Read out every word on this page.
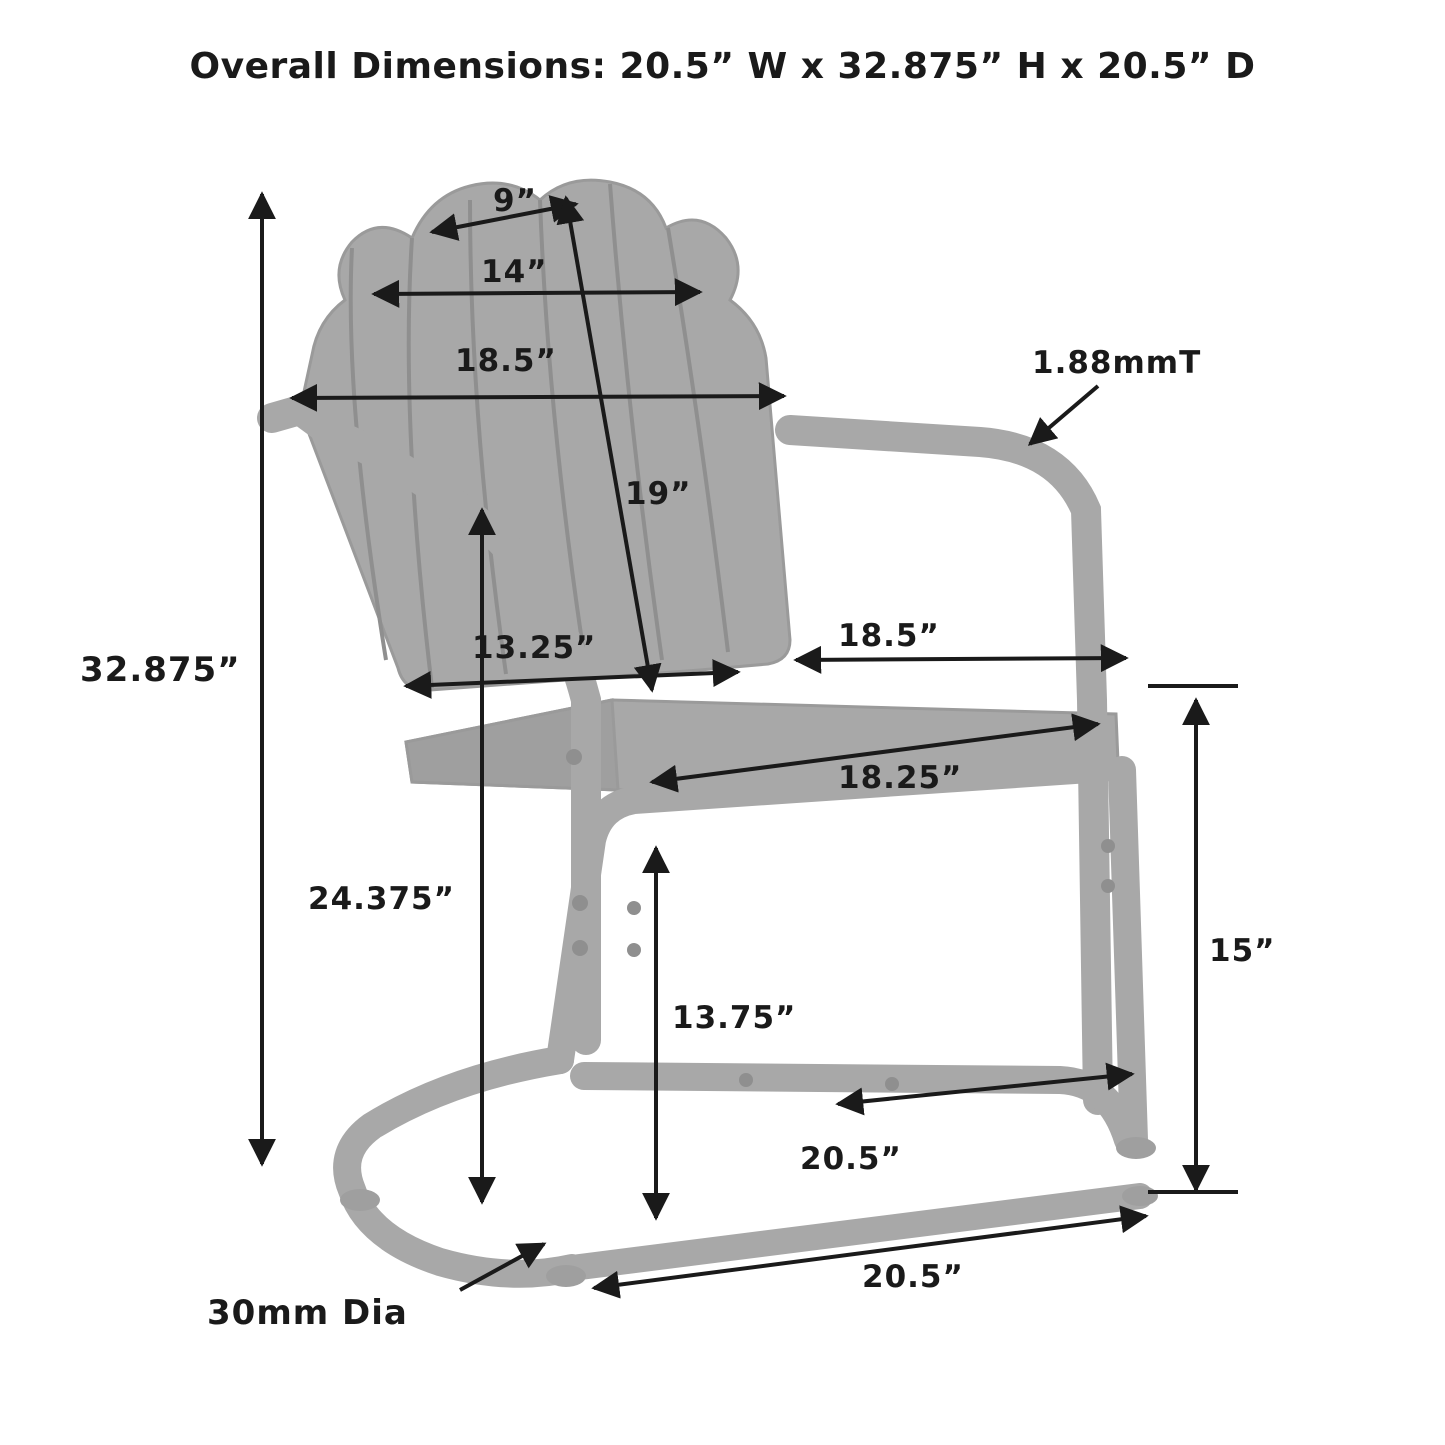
Overall Dimensions: 20.5” W x 32.875” H x 20.5” D
9”
14”
18.5”
19”
1.88mmT
32.875”
13.25”	18.5”
18.25”
24.375”
13.75”
15”
20.5”
20.5”
30mm Dia
